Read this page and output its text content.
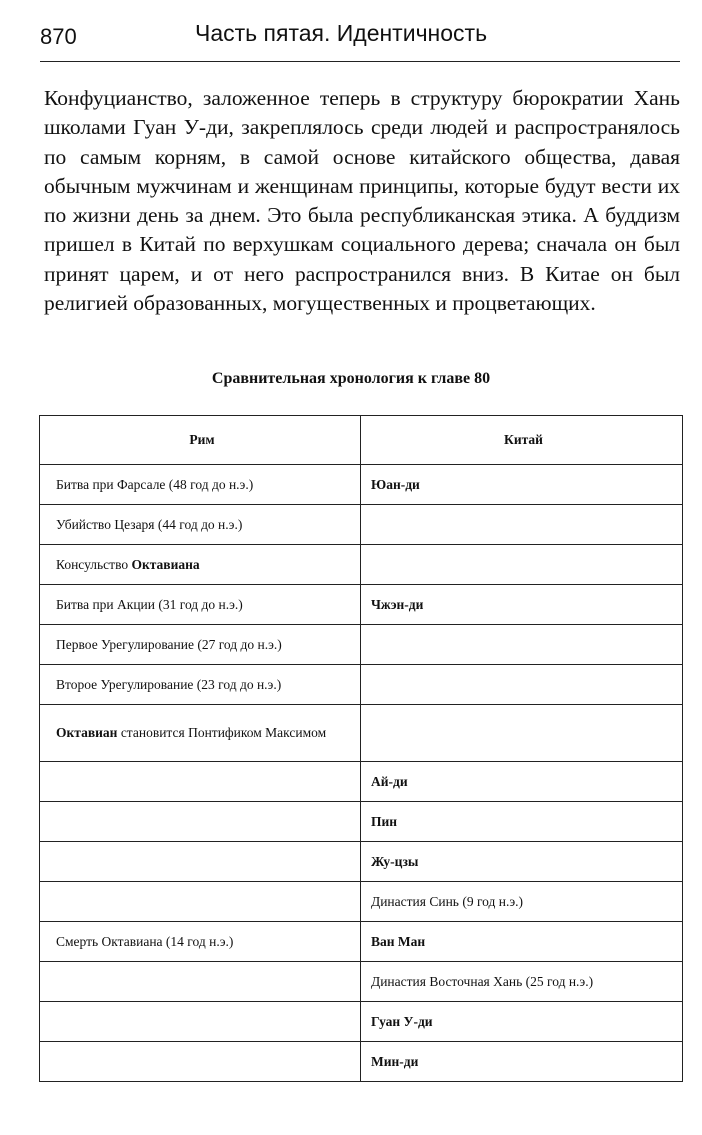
870	Часть пятая. Идентичность

Конфуцианство, заложенное теперь в структуру бюрократии Хань школами Гуан У-ди, закреплялось среди людей и распространялось по самым корням, в самой основе китайского общества, давая обычным мужчинам и женщинам принципы, которые будут вести их по жизни день за днем. Это была республиканская этика. А буддизм пришел в Китай по верхушкам социального дерева; сначала он был принят царем, и от него распространился вниз. В Китае он был религией образованных, могущественных и процветающих.

Сравнительная хронология к главе 80
Рим	Китай
Битва при Фарсале (48 год до н.э.)	Юан-ди
Убийство Цезаря (44 год до н.э.)	
Консульство Октавиана	
Битва при Акции (31 год до н.э.)	Чжэн-ди
Первое Урегулирование (27 год до н.э.)	
Второе Урегулирование (23 год до н.э.)	
Октавиан становится Понтификом Максимом	
	Ай-ди
	Пин
	Жу-цзы
	Династия Синь (9 год н.э.)
Смерть Октавиана (14 год н.э.)	Ван Ман
	Династия Восточная Хань (25 год н.э.)
	Гуан У-ди
	Мин-ди
